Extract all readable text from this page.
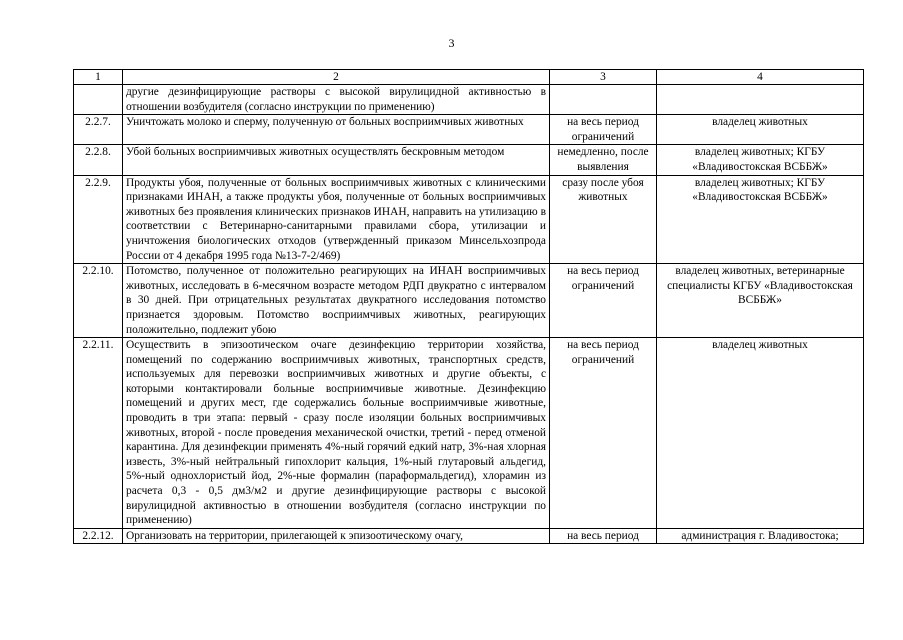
3
1	2	3	4
	другие дезинфицирующие растворы с высокой вирулицидной активностью в отношении возбудителя (согласно инструкции по применению)		
2.2.7.	Уничтожать молоко и сперму, полученную от больных восприимчивых животных	на весь период ограничений	владелец животных
2.2.8.	Убой больных восприимчивых животных осуществлять бескровным методом	немедленно, после выявления	владелец животных; КГБУ «Владивостокская ВСББЖ»
2.2.9.	Продукты убоя, полученные от больных восприимчивых животных с клиническими признаками ИНАН, а также продукты убоя, полученные от больных восприимчивых животных без проявления клинических признаков ИНАН, направить на утилизацию в соответствии с Ветеринарно-санитарными правилами сбора, утилизации и уничтожения биологических отходов (утвержденный приказом Минсельхозпрода России от 4 декабря 1995 года №13-7-2/469)	сразу после убоя животных	владелец животных; КГБУ «Владивостокская ВСББЖ»
2.2.10.	Потомство, полученное от положительно реагирующих на ИНАН восприимчивых животных, исследовать в 6-месячном возрасте методом РДП двукратно с интервалом в 30 дней. При отрицательных результатах двукратного исследования потомство признается здоровым. Потомство восприимчивых животных, реагирующих положительно, подлежит убою	на весь период ограничений	владелец животных, ветеринарные специалисты КГБУ «Владивостокская ВСББЖ»
2.2.11.	Осуществить в эпизоотическом очаге дезинфекцию территории хозяйства, помещений по содержанию восприимчивых животных, транспортных средств, используемых для перевозки восприимчивых животных и другие объекты, с которыми контактировали больные восприимчивые животные. Дезинфекцию помещений и других мест, где содержались больные восприимчивые животные, проводить в три этапа: первый - сразу после изоляции больных восприимчивых животных, второй - после проведения механической очистки, третий - перед отменой карантина. Для дезинфекции применять 4%-ный горячий едкий натр, 3%-ная хлорная известь, 3%-ный нейтральный гипохлорит кальция, 1%-ный глутаровый альдегид, 5%-ный однохлористый йод, 2%-ные формалин (параформальдегид), хлорамин из расчета 0,3 - 0,5 дм3/м2 и другие дезинфицирующие растворы с высокой вирулицидной активностью в отношении возбудителя (согласно инструкции по применению)	на весь период ограничений	владелец животных
2.2.12.	Организовать на территории, прилегающей к эпизоотическому очагу,	на весь период	администрация г. Владивостока;
